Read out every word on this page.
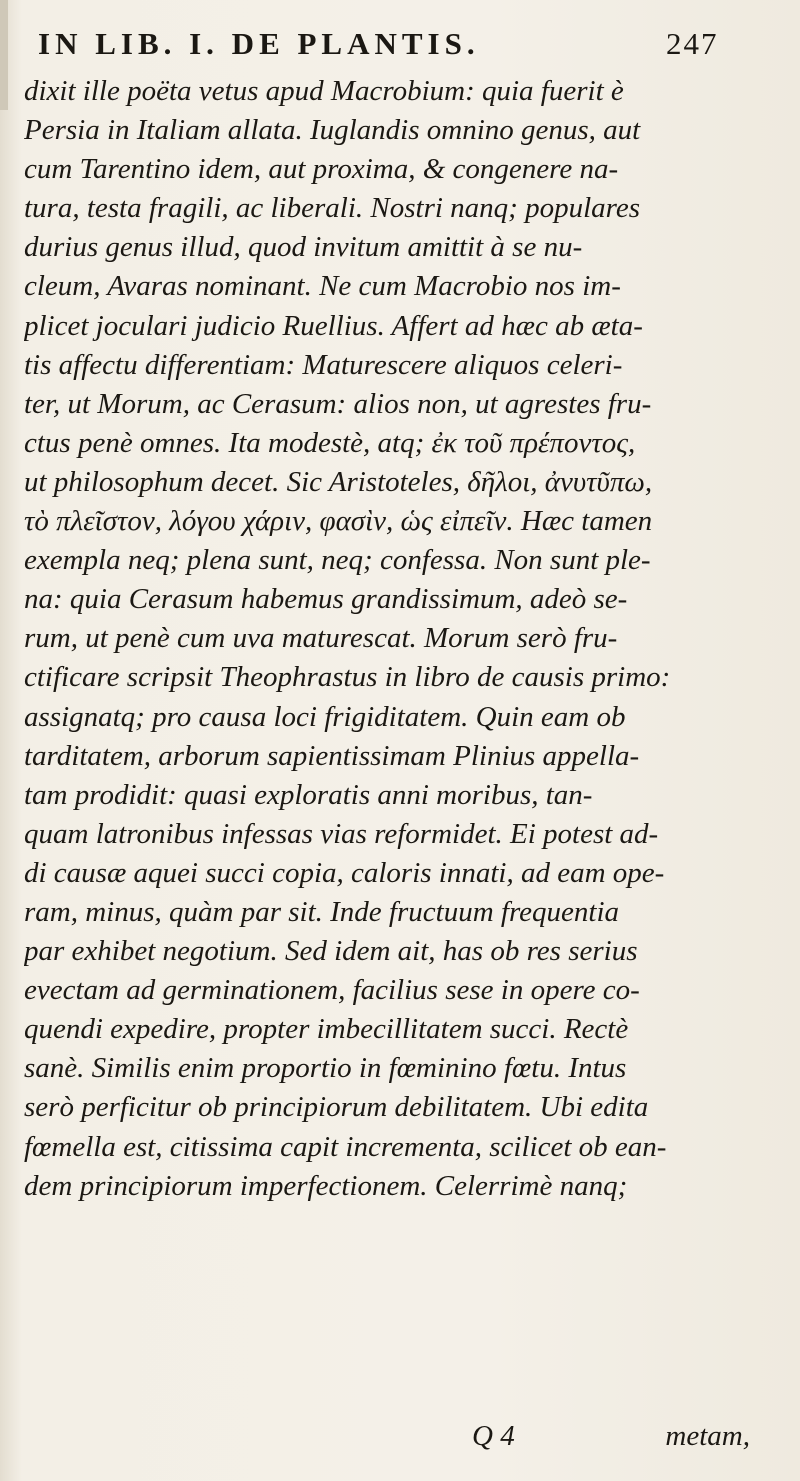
IN LIB. I. DE PLANTIS.	247
dixit ille poëta vetus apud Macrobium: quia fuerit è
Persia in Italiam allata. Iuglandis omnino genus, aut
cum Tarentino idem, aut proxima, & congenere na-
tura, testa fragili, ac liberali. Nostri nanq; populares
durius genus illud, quod invitum amittit à se nu-
cleum, Avaras nominant. Ne cum Macrobio nos im-
plicet joculari judicio Ruellius. Affert ad hæc ab æta-
tis affectu differentiam: Maturescere aliquos celeri-
ter, ut Morum, ac Cerasum: alios non, ut agrestes fru-
ctus penè omnes. Ita modestè, atq; ἐκ τοῦ πρέποντος,
ut philosophum decet. Sic Aristoteles, δῆλοι, ἀνυτῦπω,
τὸ πλεῖστον, λόγου χάριν, φασὶν, ὡς εἰπεῖν. Hæc tamen
exempla neq; plena sunt, neq; confessa. Non sunt ple-
na: quia Cerasum habemus grandissimum, adeò se-
rum, ut penè cum uva maturescat. Morum serò fru-
ctificare scripsit Theophrastus in libro de causis primo:
assignatq; pro causa loci frigiditatem. Quin eam ob
tarditatem, arborum sapientissimam Plinius appella-
tam prodidit: quasi exploratis anni moribus, tan-
quam latronibus infessas vias reformidet. Ei potest ad-
di causæ aquei succi copia, caloris innati, ad eam ope-
ram, minus, quàm par sit. Inde fructuum frequentia
par exhibet negotium. Sed idem ait, has ob res serius
evectam ad germinationem, facilius sese in opere co-
quendi expedire, propter imbecillitatem succi. Rectè
sanè. Similis enim proportio in fœminino fœtu. Intus
serò perficitur ob principiorum debilitatem. Ubi edita
fœmella est, citissima capit incrementa, scilicet ob ean-
dem principiorum imperfectionem. Celerrimè nanq;
Q 4	metam,
